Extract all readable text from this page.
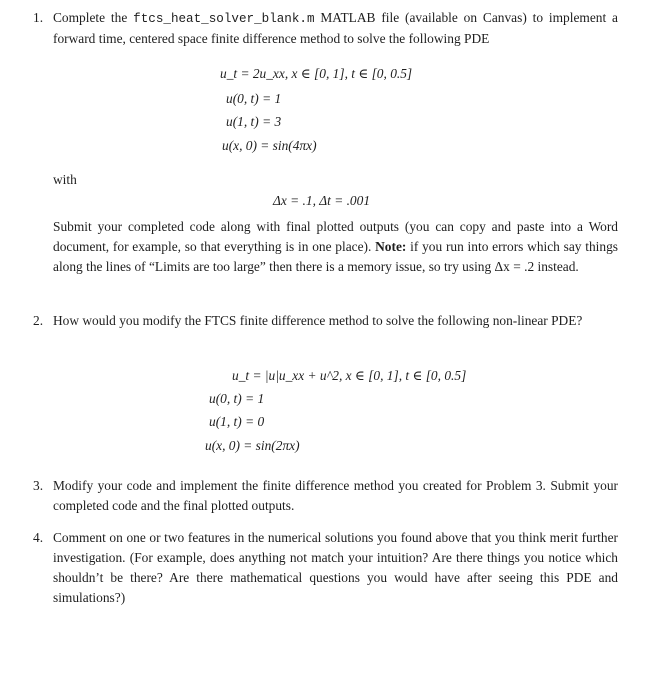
1. Complete the ftcs_heat_solver_blank.m MATLAB file (available on Canvas) to implement a forward time, centered space finite difference method to solve the following PDE
u_t = 2u_xx, x ∈ [0, 1], t ∈ [0, 0.5]
u(0, t) = 1
u(1, t) = 3
u(x, 0) = sin(4πx)
with
Δx = .1, Δt = .001
Submit your completed code along with final plotted outputs (you can copy and paste into a Word document, for example, so that everything is in one place). Note: if you run into errors which say things along the lines of “Limits are too large” then there is a memory issue, so try using Δx = .2 instead.
2. How would you modify the FTCS finite difference method to solve the following non-linear PDE?
u_t = |u|u_xx + u^2, x ∈ [0, 1], t ∈ [0, 0.5]
u(0, t) = 1
u(1, t) = 0
u(x, 0) = sin(2πx)
3. Modify your code and implement the finite difference method you created for Problem 3. Submit your completed code and the final plotted outputs.
4. Comment on one or two features in the numerical solutions you found above that you think merit further investigation. (For example, does anything not match your intuition? Are there things you notice which shouldn’t be there? Are there mathematical questions you would have after seeing this PDE and simulations?)
